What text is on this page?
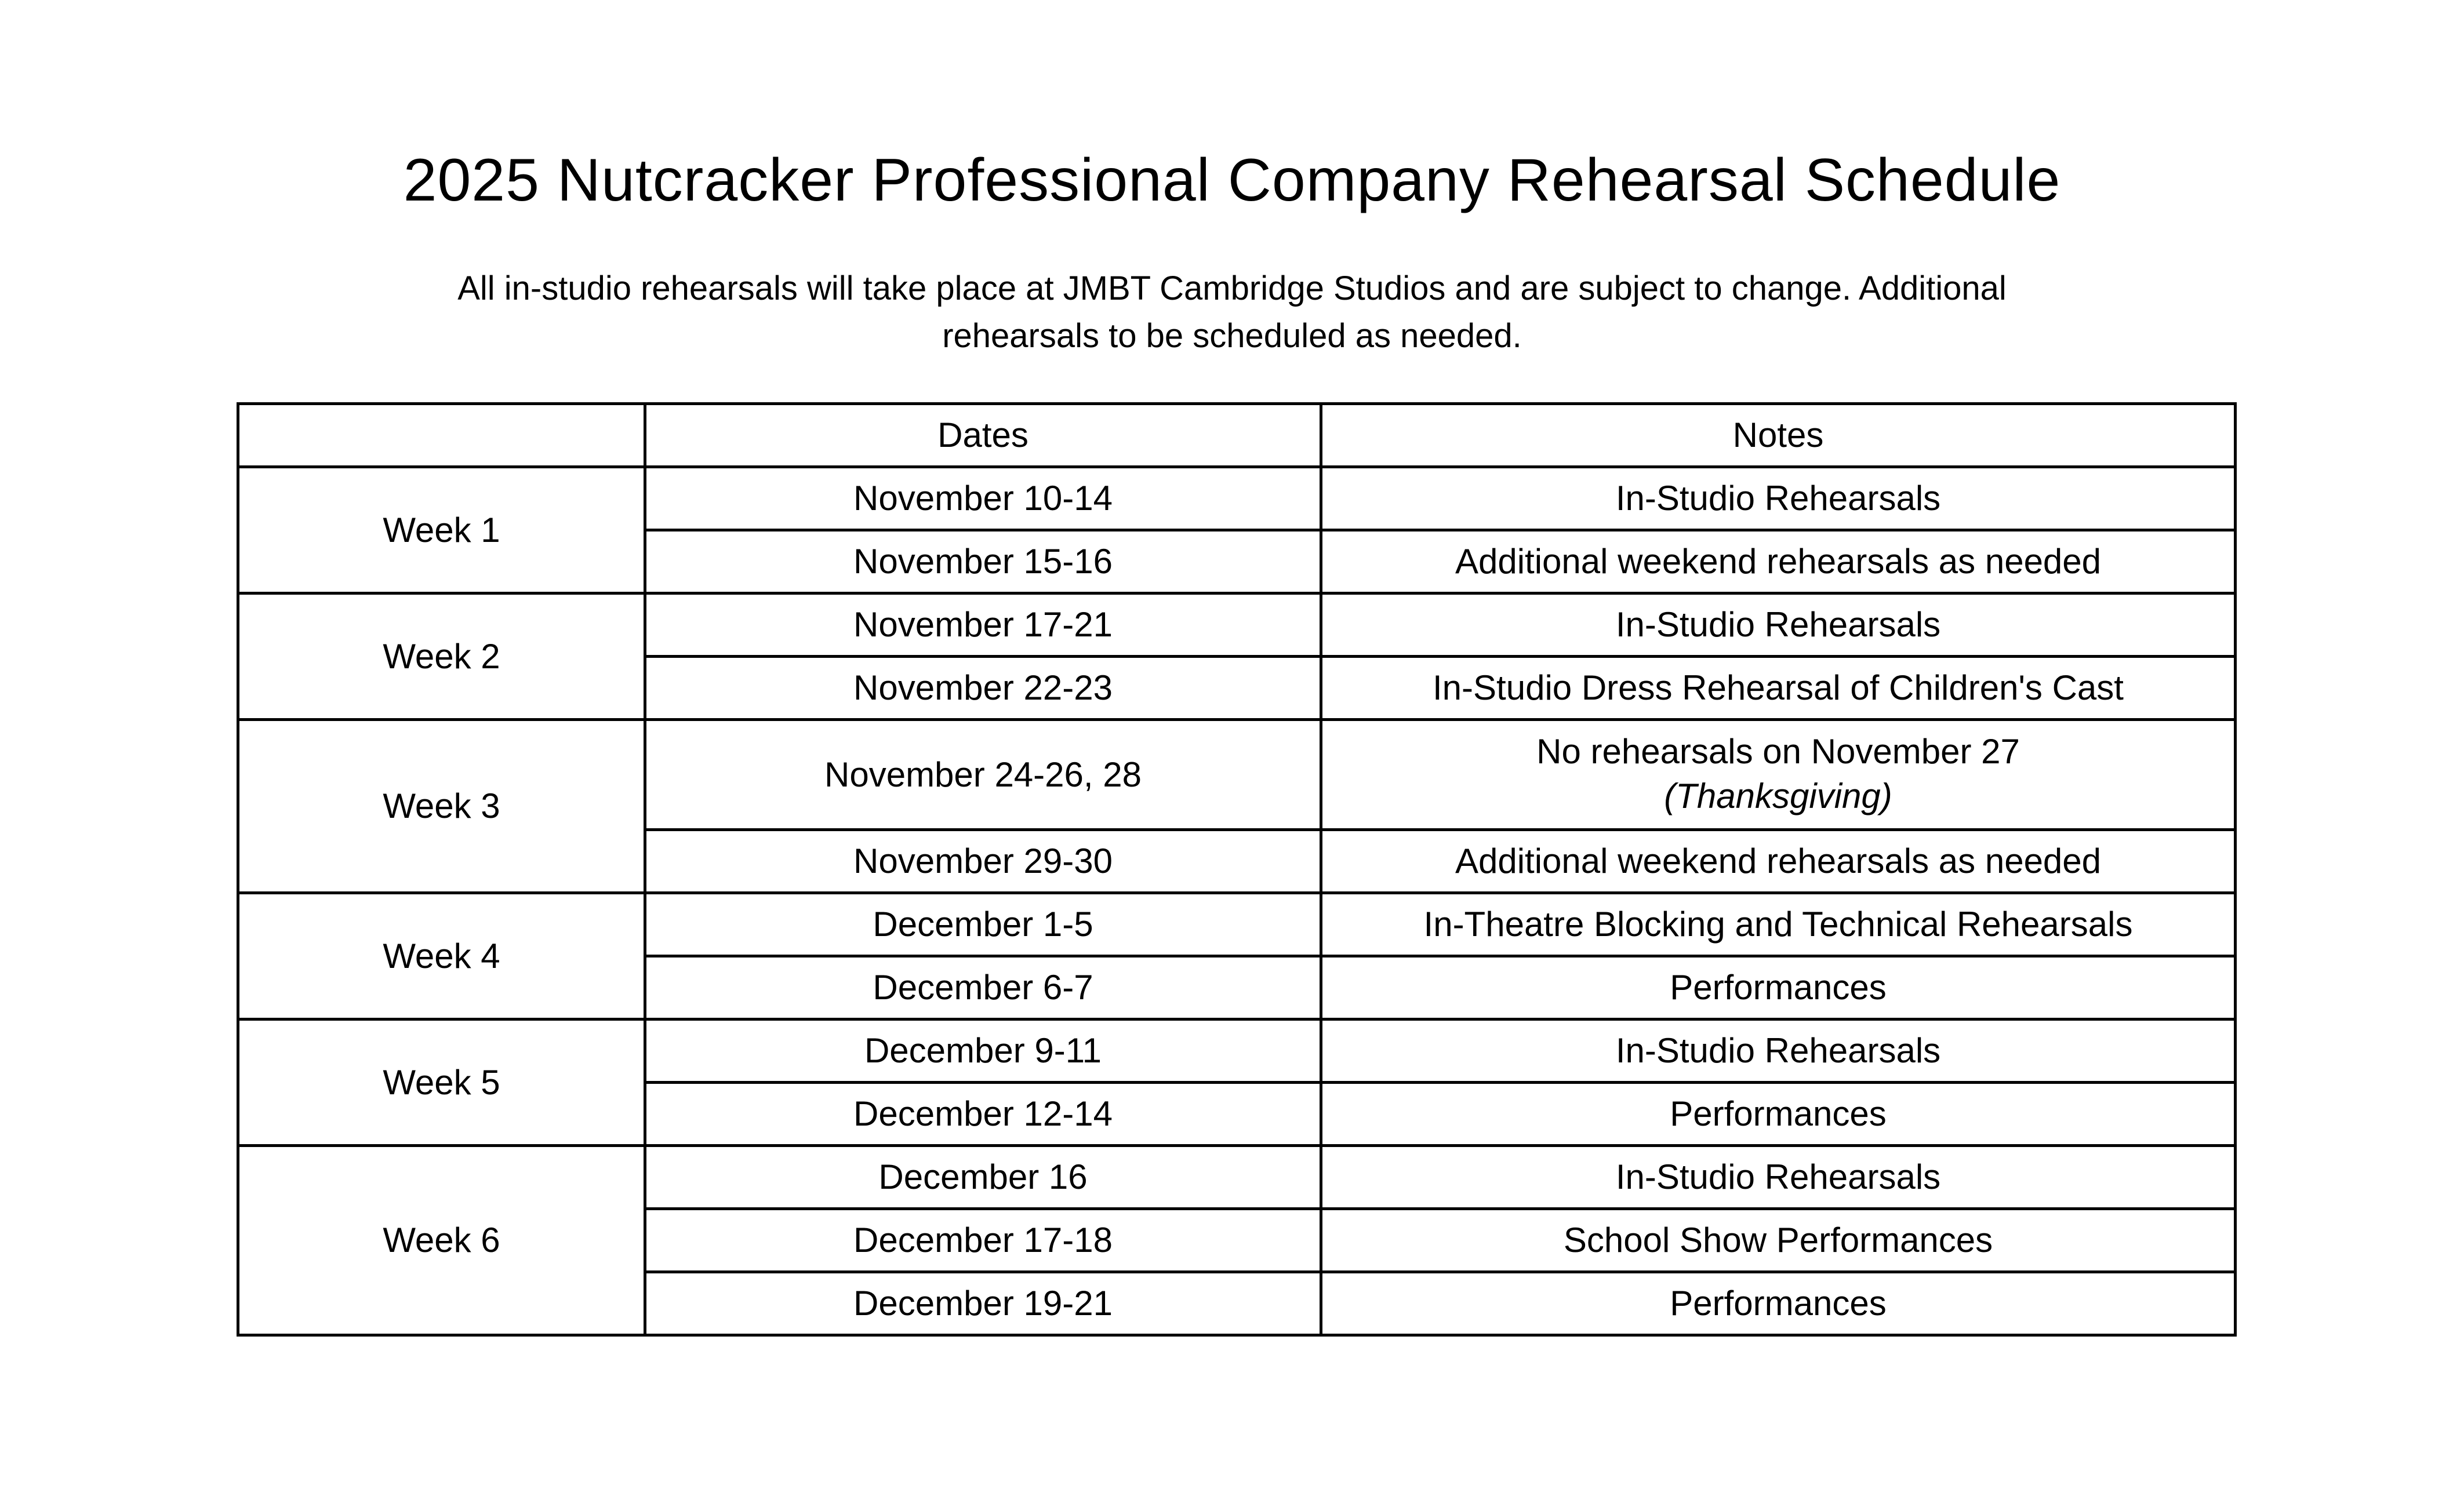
2025 Nutcracker Professional Company Rehearsal Schedule

All in-studio rehearsals will take place at JMBT Cambridge Studios and are subject to change. Additional
rehearsals to be scheduled as needed.

	Dates	Notes
Week 1	November 10-14	In-Studio Rehearsals
	November 15-16	Additional weekend rehearsals as needed
Week 2	November 17-21	In-Studio Rehearsals
	November 22-23	In-Studio Dress Rehearsal of Children's Cast
Week 3	November 24-26, 28	No rehearsals on November 27
(Thanksgiving)

	November 29-30	Additional weekend rehearsals as needed
Week 4	December 1-5	In-Theatre Blocking and Technical Rehearsals
	December 6-7	Performances
Week 5	December 9-11	In-Studio Rehearsals
	December 12-14	Performances
Week 6	December 16	In-Studio Rehearsals
	December 17-18	School Show Performances
	December 19-21	Performances
